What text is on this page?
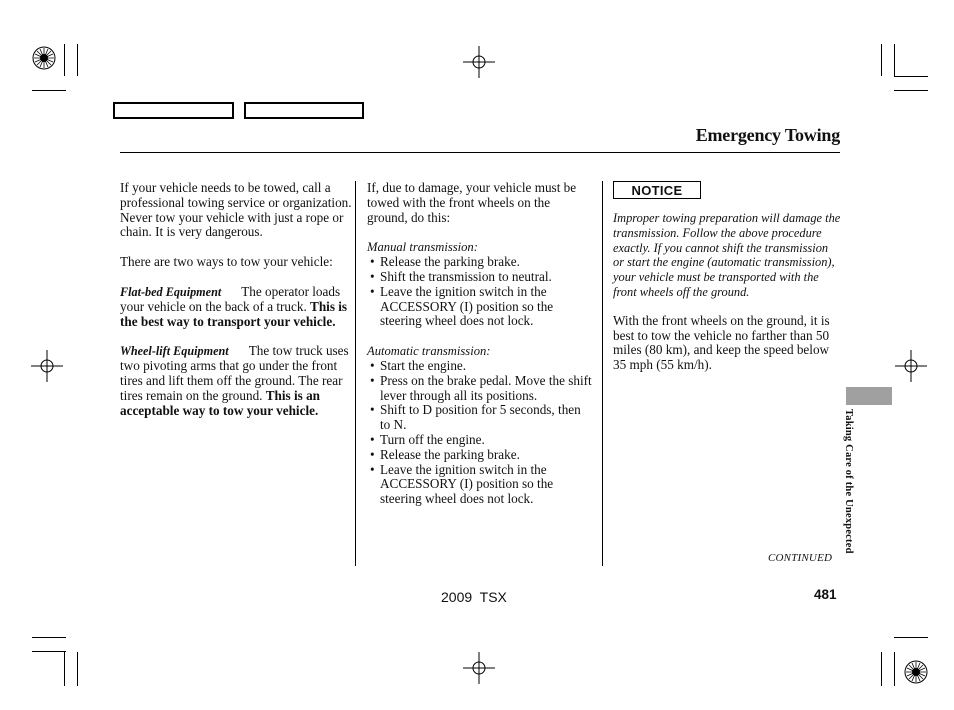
Emergency Towing

If your vehicle needs to be towed, call a professional towing service or organization. Never tow your vehicle with just a rope or chain. It is very dangerous.

There are two ways to tow your vehicle:

Flat-bed Equipment The operator loads your vehicle on the back of a truck. This is the best way to transport your vehicle.

Wheel-lift Equipment The tow truck uses two pivoting arms that go under the front tires and lift them off the ground. The rear tires remain on the ground. This is an acceptable way to tow your vehicle.

If, due to damage, your vehicle must be towed with the front wheels on the ground, do this:

Manual transmission:

• Release the parking brake.
• Shift the transmission to neutral.
• Leave the ignition switch in the ACCESSORY (I) position so the steering wheel does not lock.

Automatic transmission:

• Start the engine.
• Press on the brake pedal. Move the shift lever through all its positions.
• Shift to D position for 5 seconds, then to N.
• Turn off the engine.
• Release the parking brake.
• Leave the ignition switch in the ACCESSORY (I) position so the steering wheel does not lock.
NOTICE

Improper towing preparation will damage the transmission. Follow the above procedure exactly. If you cannot shift the transmission or start the engine (automatic transmission), your vehicle must be transported with the front wheels off the ground.

With the front wheels on the ground, it is best to tow the vehicle no farther than 50 miles (80 km), and keep the speed below 35 mph (55 km/h).

Taking Care of the Unexpected
CONTINUED
2009  TSX	481
